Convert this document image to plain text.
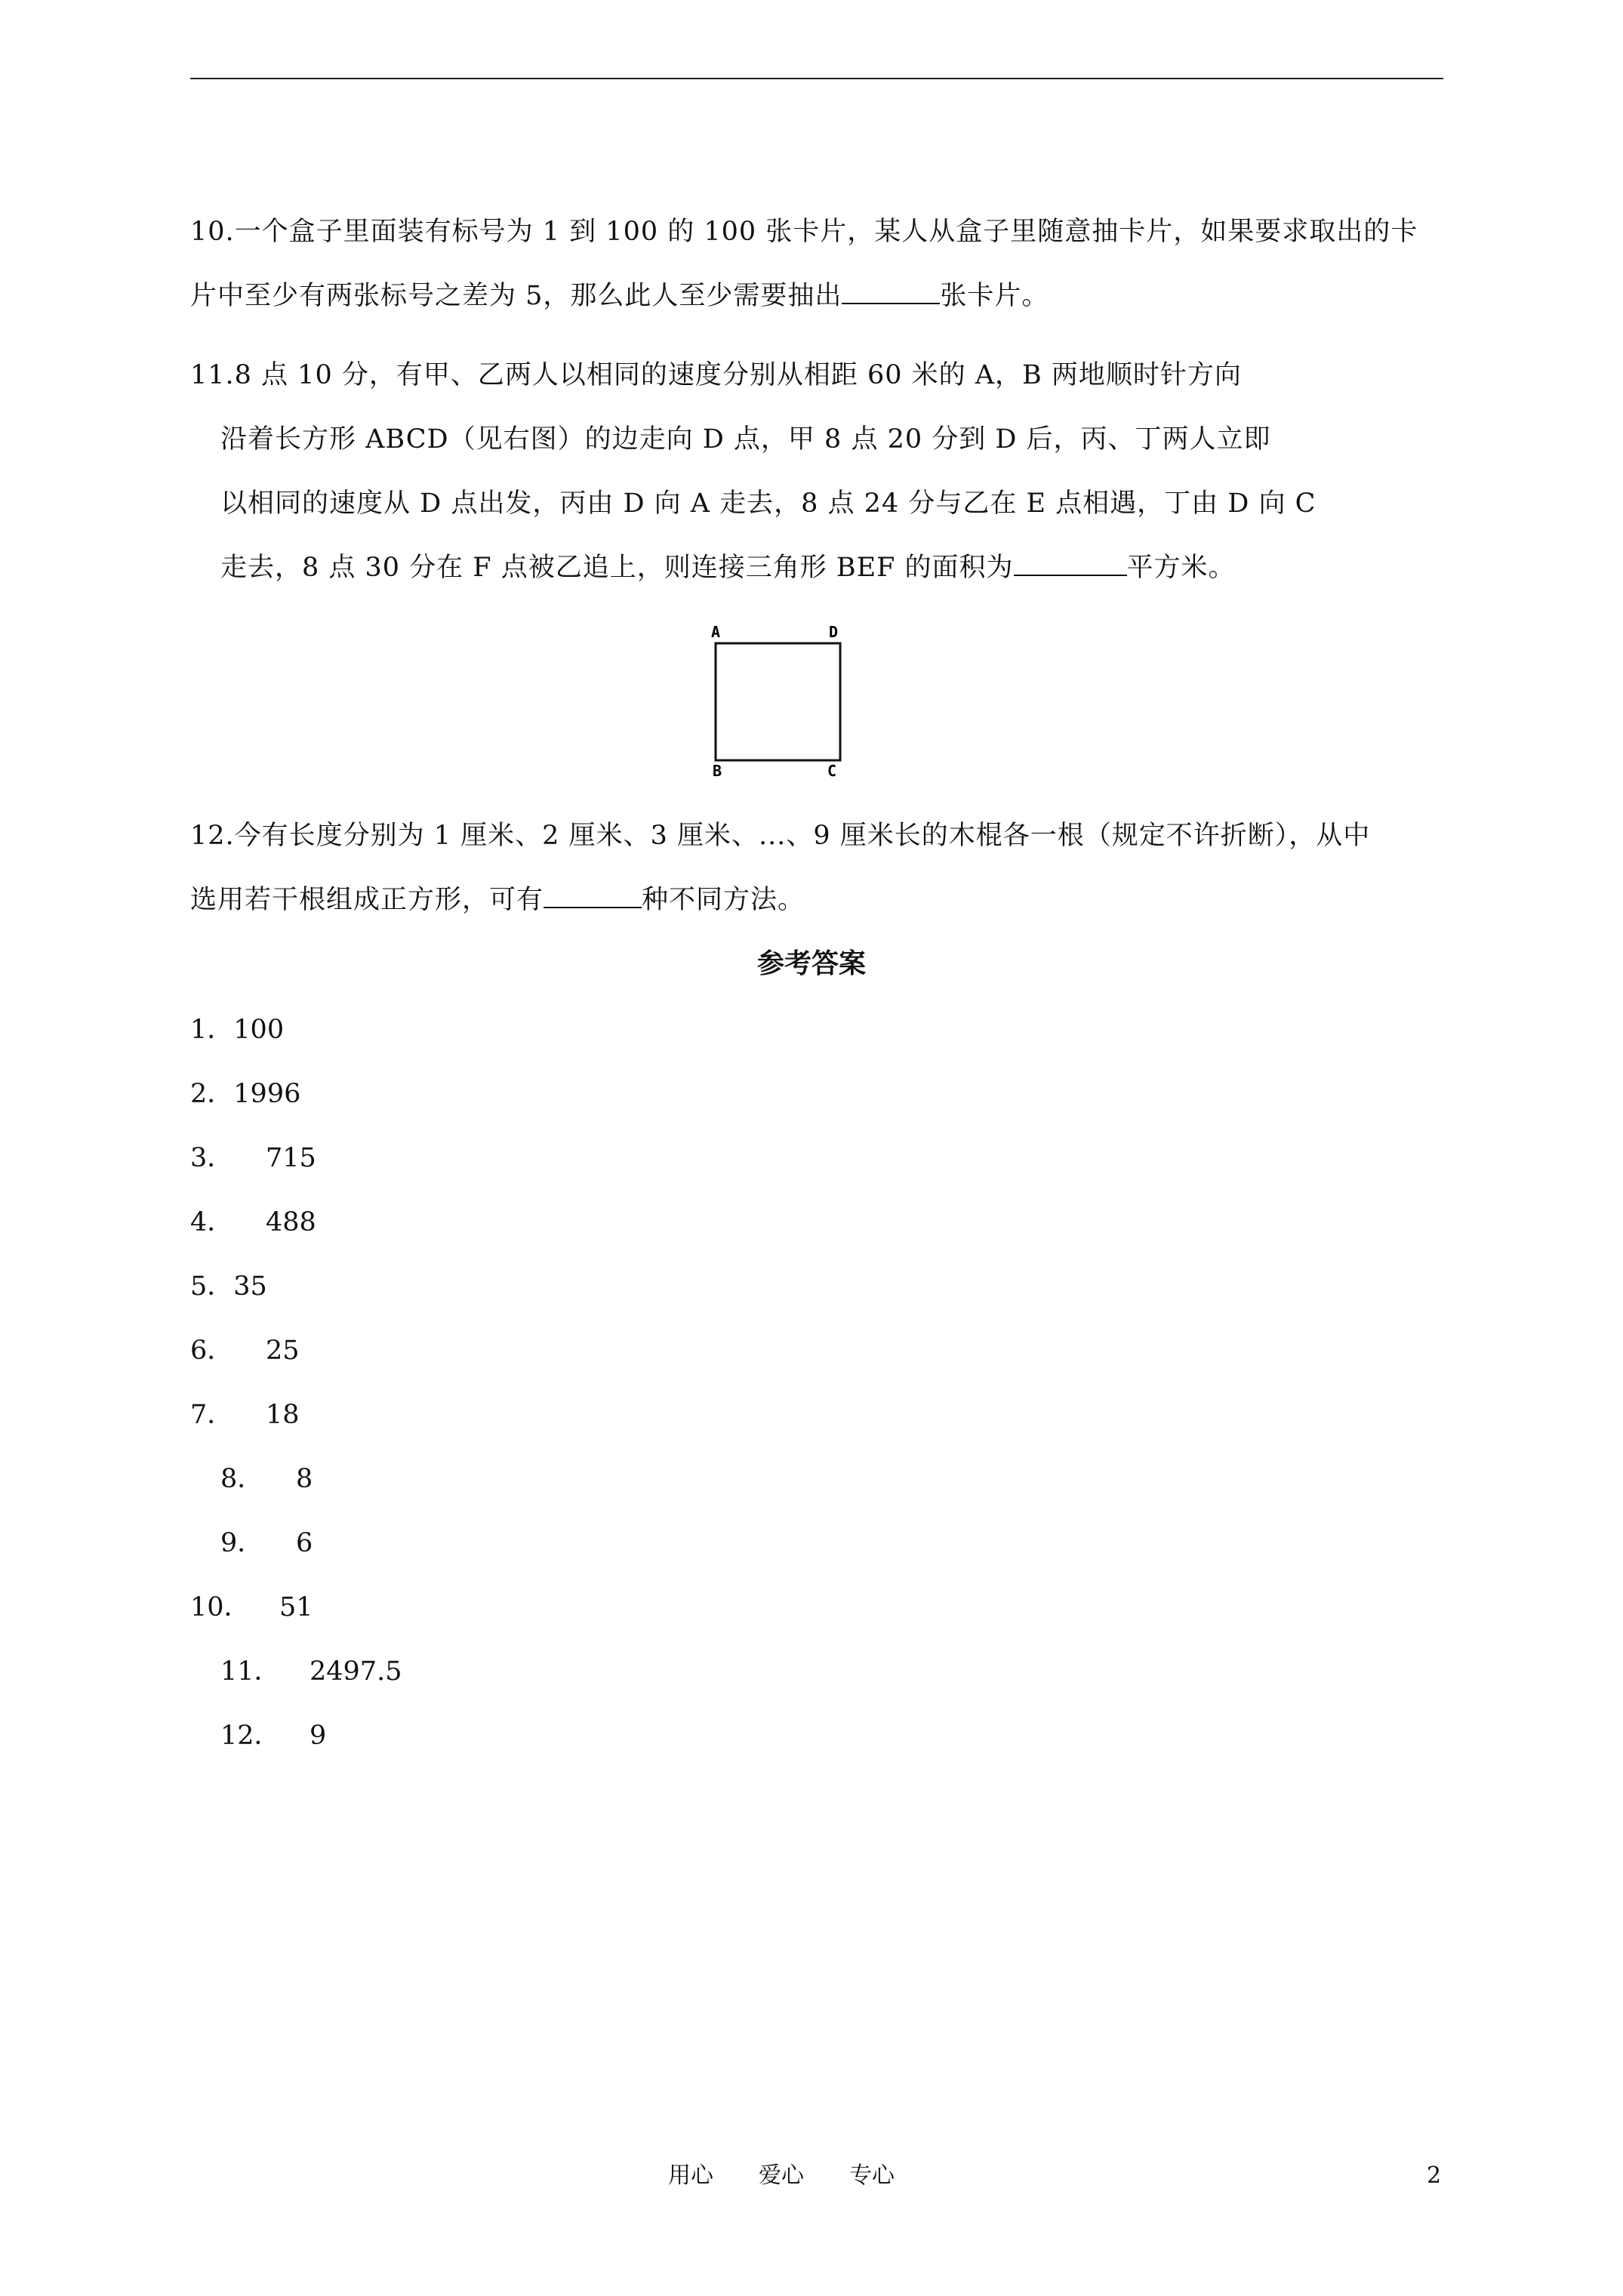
10.一个盒子里面装有标号为 1 到 100 的 100 张卡片，某人从盒子里随意抽卡片，如果要求取出的卡
片中至少有两张标号之差为 5，那么此人至少需要抽出	张卡片。
11.8 点 10 分，有甲、乙两人以相同的速度分别从相距 60 米的 A，B 两地顺时针方向
沿着长方形 ABCD（见右图）的边走向 D 点，甲 8 点 20 分到 D 后，丙、丁两人立即
以相同的速度从 D 点出发，丙由 D 向 A 走去，8 点 24 分与乙在 E 点相遇，丁由 D 向 C
走去，8 点 30 分在 F 点被乙追上，则连接三角形 BEF 的面积为	平方米。
A	D
B	C
12.今有长度分别为 1 厘米、2 厘米、3 厘米、...、9 厘米长的木棍各一根（规定不许折断），从中
选用若干根组成正方形，可有	种不同方法。
参考答案
1．100
2．1996
3． 715
4． 488
5．35
6． 25
7． 18
8． 8
9． 6
10． 51
11． 2497.5
12． 9
用心　　爱心　　专心	2
